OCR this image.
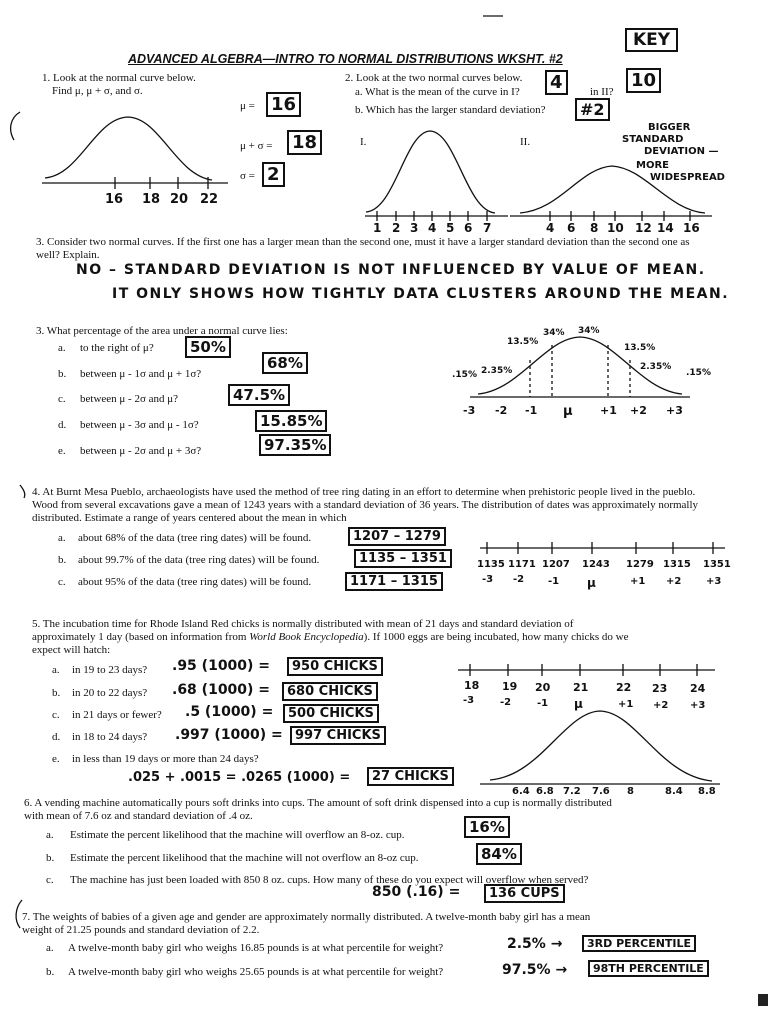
ADVANCED ALGEBRA—INTRO TO NORMAL DISTRIBUTIONS WKSHT. #2
KEY
1. Look at the normal curve below.
Find μ, μ + σ, and σ.
μ = 16
μ + σ = 18
σ = 2
16 18 20 22
2. Look at the two normal curves below.
a. What is the mean of the curve in I? 4	in II?
10
b. Which has the larger standard deviation?	#2
I.	II.
BIGGER
STANDARD
DEVIATION —
MORE
WIDESPREAD
1 2 3 4 5 6 7	4 6 8 10 12 14 16
3. Consider two normal curves. If the first one has a larger mean than the second one, must it have a larger standard deviation than the second one as well? Explain.
NO – STANDARD DEVIATION IS NOT INFLUENCED BY VALUE OF MEAN.
IT ONLY SHOWS HOW TIGHTLY DATA CLUSTERS AROUND THE MEAN.
3. What percentage of the area under a normal curve lies:
a. to the right of μ?	50%
b. between μ - 1σ and μ + 1σ?
68%
c. between μ - 2σ and μ?	47.5%
d. between μ - 3σ and μ - 1σ?	15.85%
e. between μ - 2σ and μ + 3σ?	97.35%
34% 34%
13.5%
13.5%
2.35%	2.35%
.15%	.15%
-3 -2 -1 μ +1 +2 +3
4. At Burnt Mesa Pueblo, archaeologists have used the method of tree ring dating in an effort to determine when prehistoric people lived in the pueblo. Wood from several excavations gave a mean of 1243 years with a standard deviation of 36 years. The distribution of dates was approximately normally distributed. Estimate a range of years centered about the mean in which
a. about 68% of the data (tree ring dates) will be found.	1207 – 1279
b. about 99.7% of the data (tree ring dates) will be found.	1135 – 1351
c. about 95% of the data (tree ring dates) will be found.	1171 – 1315
1135 1171 1207 1243 1279 1315 1351
-3 -2 -1 μ	+1 +2 +3
5. The incubation time for Rhode Island Red chicks is normally distributed with mean of 21 days and standard deviation of
approximately 1 day (based on information from World Book Encyclopedia). If 1000 eggs are being incubated, how many chicks do we
expect will hatch:
a. in 19 to 23 days? .95 (1000) =	950 CHICKS
b. in 20 to 22 days? .68 (1000) =	680 CHICKS
c. in 21 days or fewer? .5 (1000) =	500 CHICKS
d. in 18 to 24 days? .997 (1000) = 997 CHICKS
e. in less than 19 days or more than 24 days?
.025 + .0015 = .0265 (1000) =	27 CHICKS
18 19 20 21	22 23 24
-3	-2	-1 μ	+1 +2 +3
6.4 6.8 7.2 7.6 8	8.4 8.8
6. A vending machine automatically pours soft drinks into cups. The amount of soft drink dispensed into a cup is normally distributed
with mean of 7.6 oz and standard deviation of .4 oz.
a. Estimate the percent likelihood that the machine will overflow an 8-oz. cup.	16%
b. Estimate the percent likelihood that the machine will not overflow an 8-oz cup.	84%
c. The machine has just been loaded with 850 8 oz. cups. How many of these do you expect will overflow when served?
850 (.16) =	136 CUPS
7. The weights of babies of a given age and gender are approximately normally distributed. A twelve-month baby girl has a mean
weight of 21.25 pounds and standard deviation of 2.2.
a. A twelve-month baby girl who weighs 16.85 pounds is at what percentile for weight?	2.5% →	3RD PERCENTILE
b. A twelve-month baby girl who weighs 25.65 pounds is at what percentile for weight?	97.5% →	98TH PERCENTILE
